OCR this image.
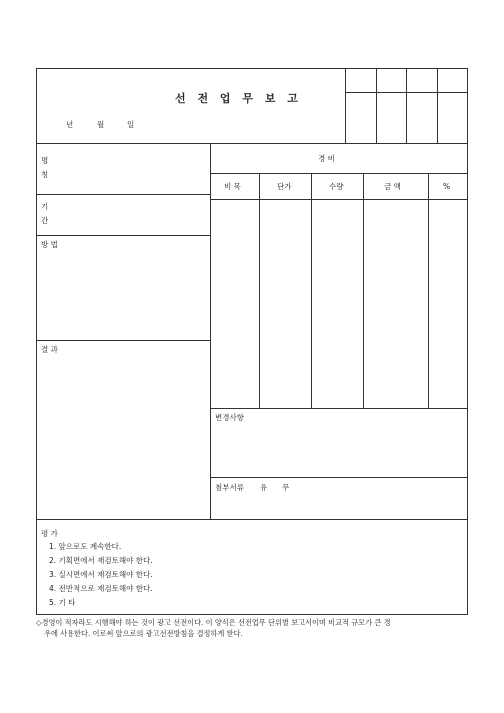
선 전 업 무 보 고
년	월	일
명
칭
기
간
방 법
결 과
경 비
비 목	단가	수량	금 액	%
변경사항
첨부서류 유 무
평 가
1. 앞으로도 계속한다.
2. 기획면에서 재검토해야 한다.
3. 실시면에서 재검토해야 한다.
4. 전반적으로 재검토해야 한다.
5. 기 타
◇경영이 적자라도 시행해야 하는 것이 광고 선전이다. 이 양식은 선전업무 단위별 보고서이며 비교적 규모가 큰 경
우에 사용한다. 이로써 앞으로의 광고선전방침을 결정하게 한다.
